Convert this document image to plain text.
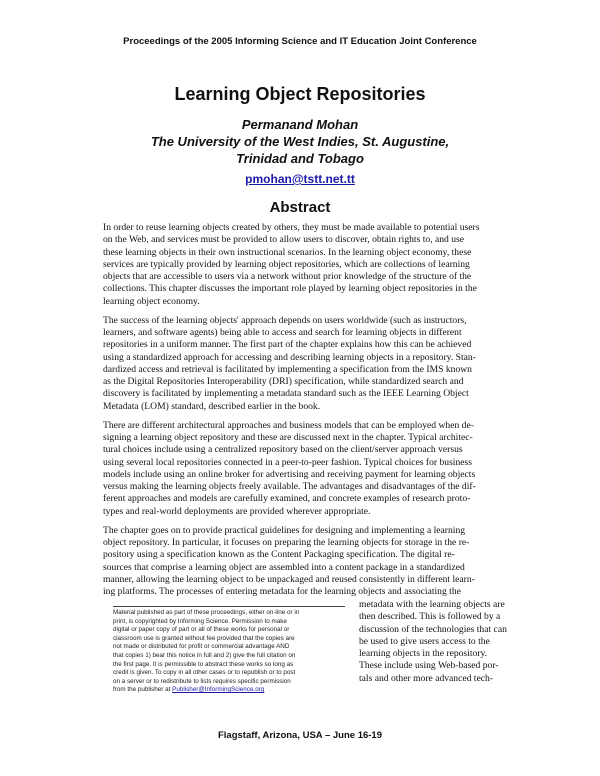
Proceedings of the 2005 Informing Science and IT Education Joint Conference
Learning Object Repositories
Permanand Mohan
The University of the West Indies, St. Augustine,
Trinidad and Tobago
pmohan@tstt.net.tt
Abstract
In order to reuse learning objects created by others, they must be made available to potential users
on the Web, and services must be provided to allow users to discover, obtain rights to, and use
these learning objects in their own instructional scenarios. In the learning object economy, these
services are typically provided by learning object repositories, which are collections of learning
objects that are accessible to users via a network without prior knowledge of the structure of the
collections. This chapter discusses the important role played by learning object repositories in the
learning object economy.
The success of the learning objects' approach depends on users worldwide (such as instructors,
learners, and software agents) being able to access and search for learning objects in different
repositories in a uniform manner. The first part of the chapter explains how this can be achieved
using a standardized approach for accessing and describing learning objects in a repository. Stan-
dardized access and retrieval is facilitated by implementing a specification from the IMS known
as the Digital Repositories Interoperability (DRI) specification, while standardized search and
discovery is facilitated by implementing a metadata standard such as the IEEE Learning Object
Metadata (LOM) standard, described earlier in the book.
There are different architectural approaches and business models that can be employed when de-
signing a learning object repository and these are discussed next in the chapter. Typical architec-
tural choices include using a centralized repository based on the client/server approach versus
using several local repositories connected in a peer-to-peer fashion. Typical choices for business
models include using an online broker for advertising and receiving payment for learning objects
versus making the learning objects freely available. The advantages and disadvantages of the dif-
ferent approaches and models are carefully examined, and concrete examples of research proto-
types and real-world deployments are provided wherever appropriate.
The chapter goes on to provide practical guidelines for designing and implementing a learning
object repository. In particular, it focuses on preparing the learning objects for storage in the re-
pository using a specification known as the Content Packaging specification. The digital re-
sources that comprise a learning object are assembled into a content package in a standardized
manner, allowing the learning object to be unpackaged and reused consistently in different learn-
ing platforms. The processes of entering metadata for the learning objects and associating the
Material published as part of these proceedings, either on-line or in
print, is copyrighted by Informing Science. Permission to make
digital or paper copy of part or all of these works for personal or
classroom use is granted without fee provided that the copies are
not made or distributed for profit or commercial advantage AND
that copies 1) bear this notice in full and 2) give the full citation on
the first page. It is permissible to abstract these works so long as
credit is given. To copy in all other cases or to republish or to post
on a server or to redistribute to lists requires specific permission
from the publisher at Publisher@InformingScience.org
metadata with the learning objects are
then described. This is followed by a
discussion of the technologies that can
be used to give users access to the
learning objects in the repository.
These include using Web-based por-
tals and other more advanced tech-
Flagstaff, Arizona, USA – June 16-19
